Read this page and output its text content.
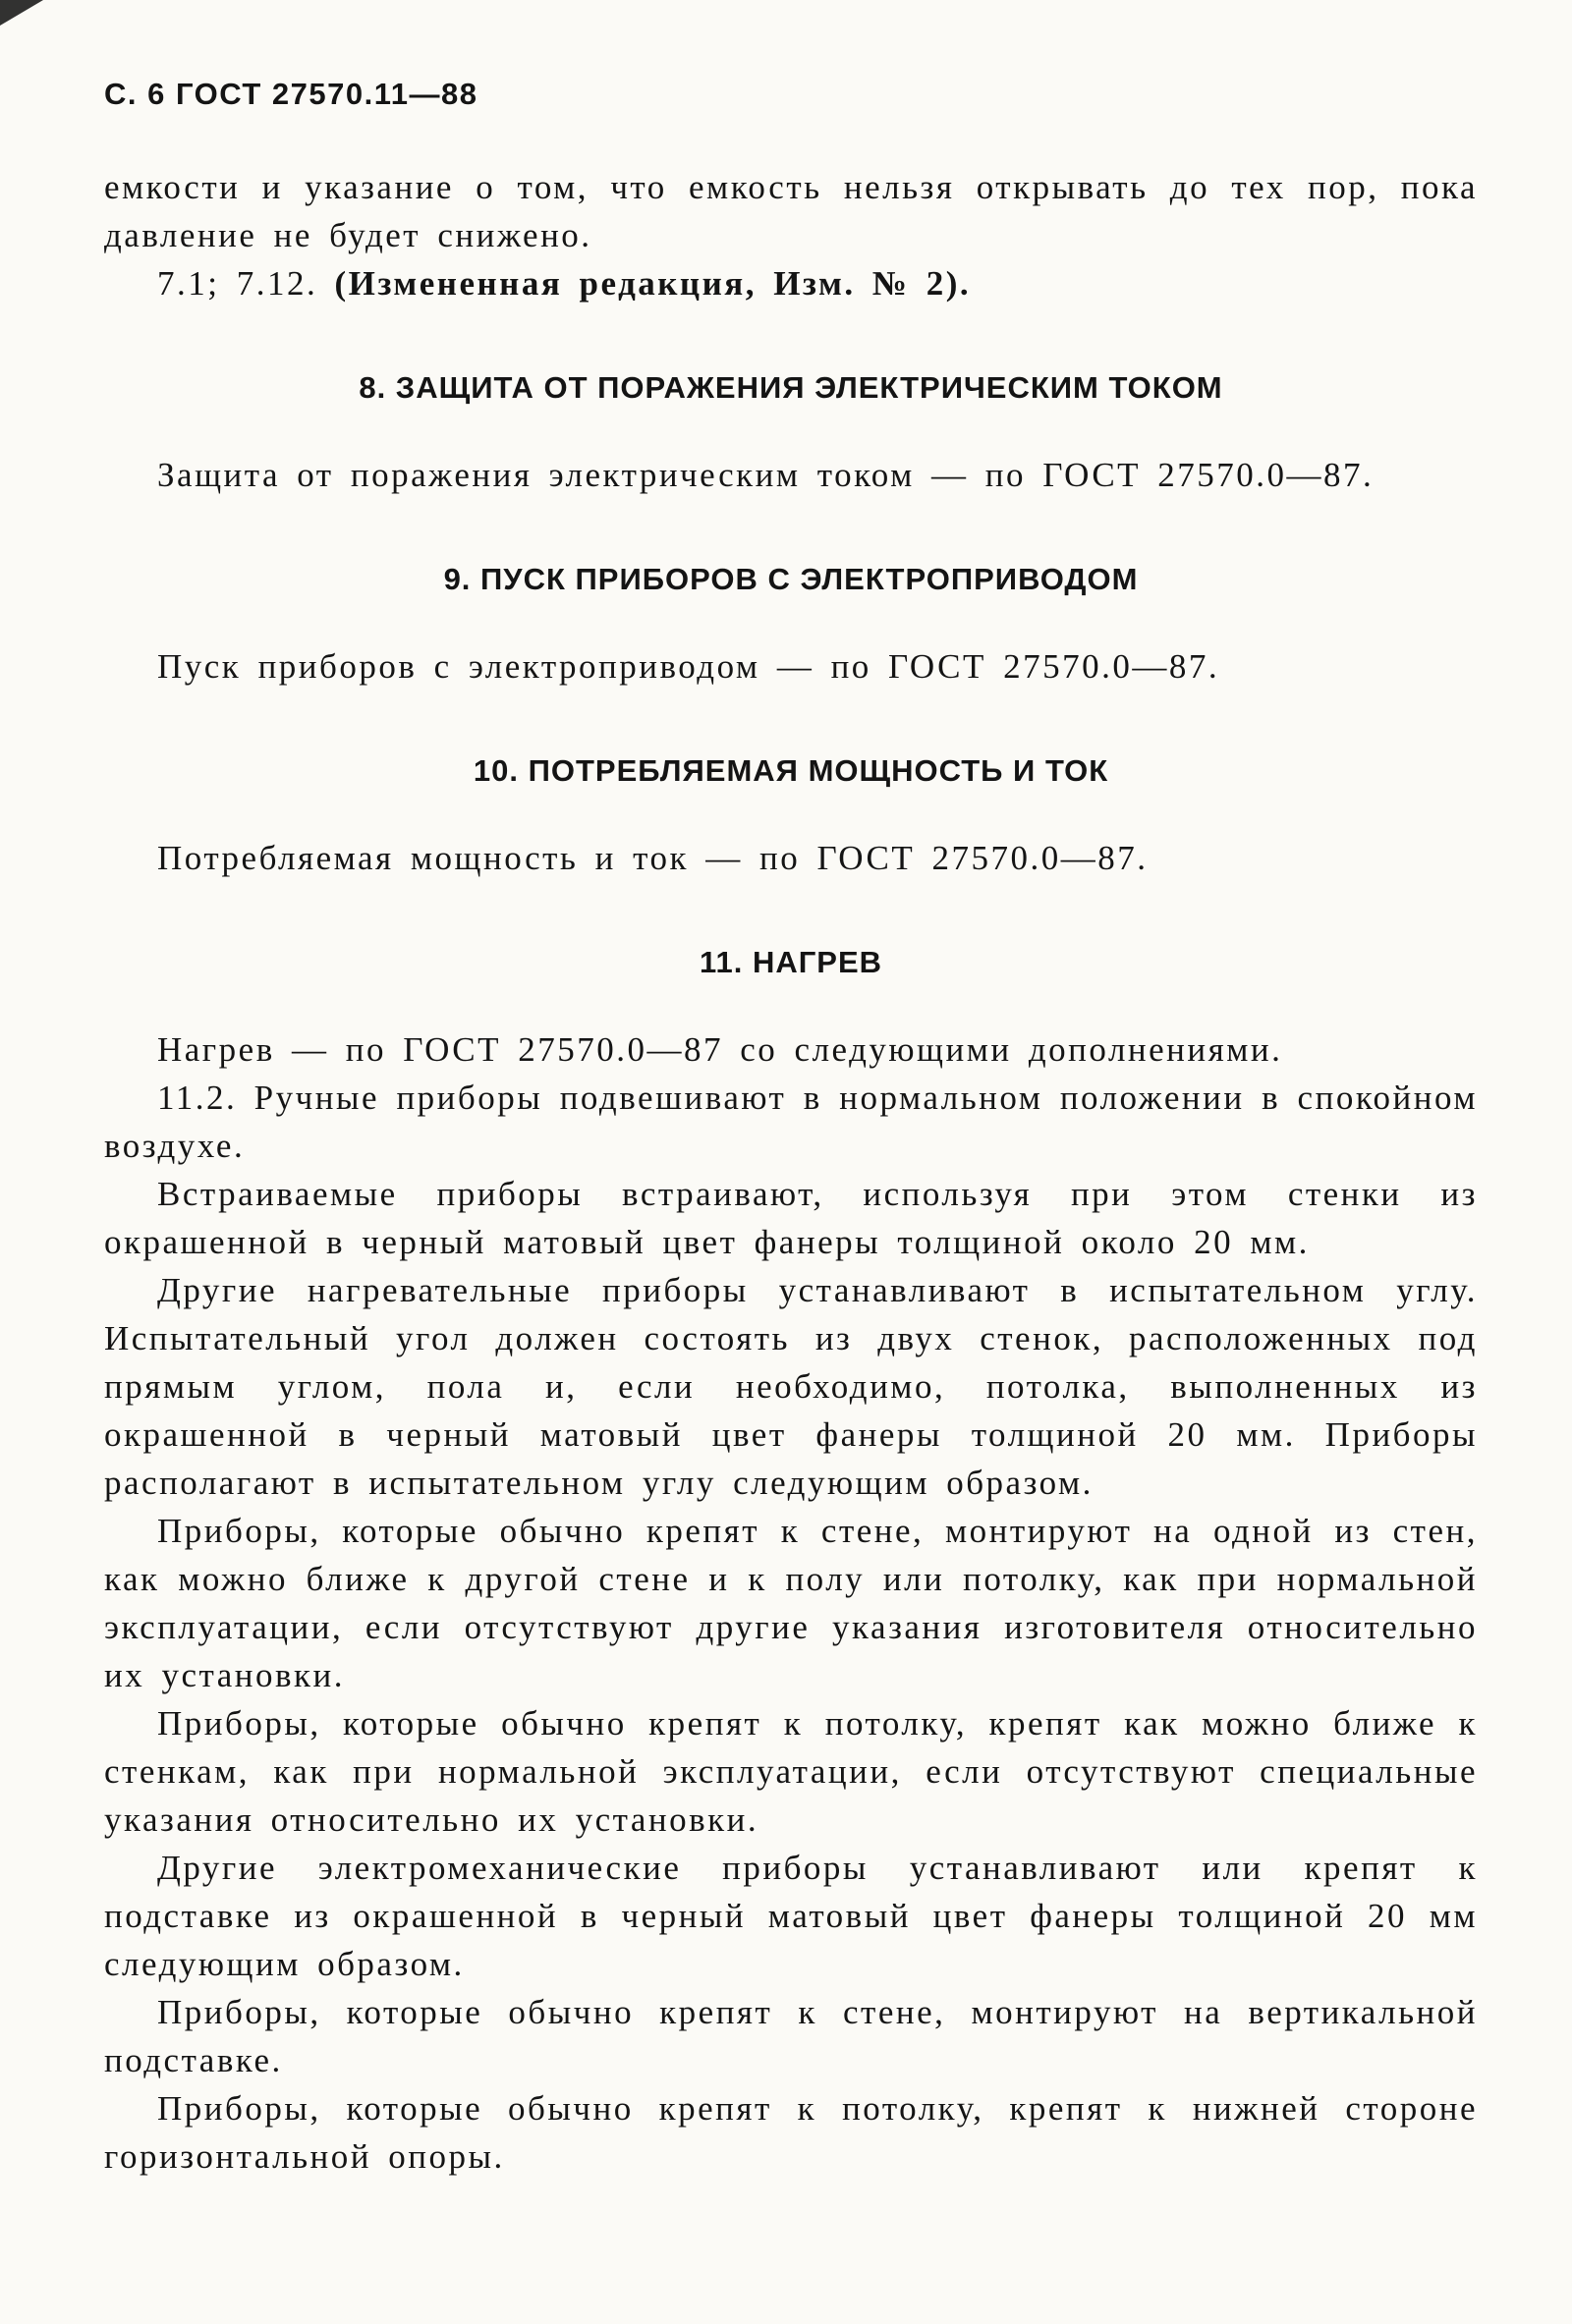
С. 6 ГОСТ 27570.11—88

емкости и указание о том, что емкость нельзя открывать до тех пор, пока давление не будет снижено.

7.1; 7.12. (Измененная редакция, Изм. № 2).

8. ЗАЩИТА ОТ ПОРАЖЕНИЯ ЭЛЕКТРИЧЕСКИМ ТОКОМ

Защита от поражения электрическим током — по ГОСТ 27570.0—87.

9. ПУСК ПРИБОРОВ С ЭЛЕКТРОПРИВОДОМ

Пуск приборов с электроприводом — по ГОСТ 27570.0—87.

10. ПОТРЕБЛЯЕМАЯ МОЩНОСТЬ И ТОК

Потребляемая мощность и ток — по ГОСТ 27570.0—87.

11. НАГРЕВ

Нагрев — по ГОСТ 27570.0—87 со следующими дополнениями.

11.2. Ручные приборы подвешивают в нормальном положении в спокойном воздухе.

Встраиваемые приборы встраивают, используя при этом стенки из окрашенной в черный матовый цвет фанеры толщиной около 20 мм.

Другие нагревательные приборы устанавливают в испытательном углу. Испытательный угол должен состоять из двух стенок, расположенных под прямым углом, пола и, если необходимо, потолка, выполненных из окрашенной в черный матовый цвет фанеры толщиной 20 мм. Приборы располагают в испытательном углу следующим образом.

Приборы, которые обычно крепят к стене, монтируют на одной из стен, как можно ближе к другой стене и к полу или потолку, как при нормальной эксплуатации, если отсутствуют другие указания изготовителя относительно их установки.

Приборы, которые обычно крепят к потолку, крепят как можно ближе к стенкам, как при нормальной эксплуатации, если отсутствуют специальные указания относительно их установки.

Другие электромеханические приборы устанавливают или крепят к подставке из окрашенной в черный матовый цвет фанеры толщиной 20 мм следующим образом.

Приборы, которые обычно крепят к стене, монтируют на вертикальной подставке.

Приборы, которые обычно крепят к потолку, крепят к нижней стороне горизонтальной опоры.
